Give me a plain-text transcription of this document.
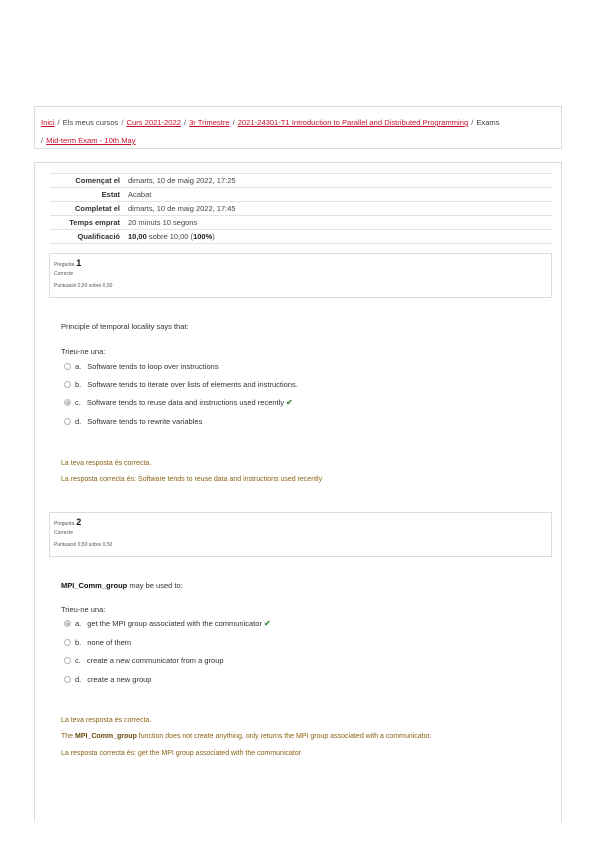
Inici / Els meus cursos / Curs 2021-2022 / 3r Trimestre / 2021-24301-T1 Introduction to Parallel and Distributed Programming / Exams
/ Mid-term Exam - 10th May
Començat el	dimarts, 10 de maig 2022, 17:25
Estat	Acabat
Completat el	dimarts, 10 de maig 2022, 17:45
Temps emprat	20 minuts 10 segons
Qualificació	10,00 sobre 10,00 (100%)
Pregunta 1
Correcte
Puntuació 0,50 sobre 0,50
Principle of temporal locality says that:
Trieu-ne una:
a. Software tends to loop over instructions
b. Software tends to iterate over lists of elements and instructions.
c. Software tends to reuse data and instructions used recently ✔
d. Software tends to rewrite variables
La teva resposta és correcta.
La resposta correcta és: Software tends to reuse data and instructions used recently
Pregunta 2
Correcte
Puntuació 0,50 sobre 0,50
MPI_Comm_group may be used to:
Trieu-ne una:
a. get the MPI group associated with the communicator ✔
b. none of them
c. create a new communicator from a group
d. create a new group
La teva resposta és correcta.
The MPI_Comm_group function does not create anything, only returns the MPI group associated with a communicator.
La resposta correcta és: get the MPI group associated with the communicator
